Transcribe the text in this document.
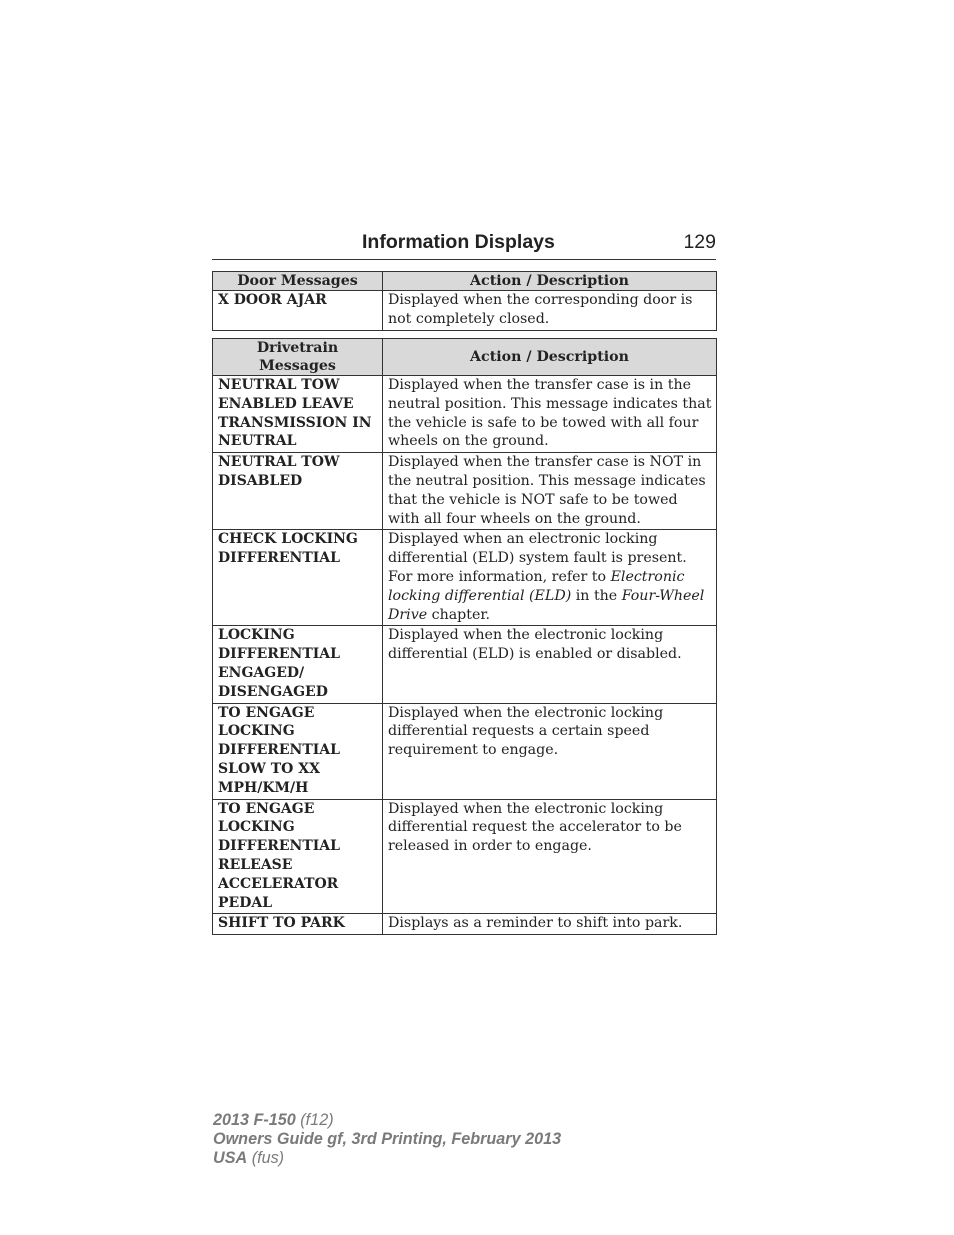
Information Displays	129
Door Messages	Action / Description
X DOOR AJAR	Displayed when the corresponding door is not completely closed.
Drivetrain Messages	Action / Description
NEUTRAL TOW ENABLED LEAVE TRANSMISSION IN NEUTRAL	Displayed when the transfer case is in the neutral position. This message indicates that the vehicle is safe to be towed with all four wheels on the ground.
NEUTRAL TOW DISABLED	Displayed when the transfer case is NOT in the neutral position. This message indicates that the vehicle is NOT safe to be towed with all four wheels on the ground.
CHECK LOCKING DIFFERENTIAL	Displayed when an electronic locking differential (ELD) system fault is present. For more information, refer to Electronic locking differential (ELD) in the Four-Wheel Drive chapter.
LOCKING DIFFERENTIAL ENGAGED/ DISENGAGED	Displayed when the electronic locking differential (ELD) is enabled or disabled.
TO ENGAGE LOCKING DIFFERENTIAL SLOW TO XX MPH/KM/H	Displayed when the electronic locking differential requests a certain speed requirement to engage.
TO ENGAGE LOCKING DIFFERENTIAL RELEASE ACCELERATOR PEDAL	Displayed when the electronic locking differential request the accelerator to be released in order to engage.
SHIFT TO PARK	Displays as a reminder to shift into park.
2013 F-150 (f12)
Owners Guide gf, 3rd Printing, February 2013
USA (fus)
